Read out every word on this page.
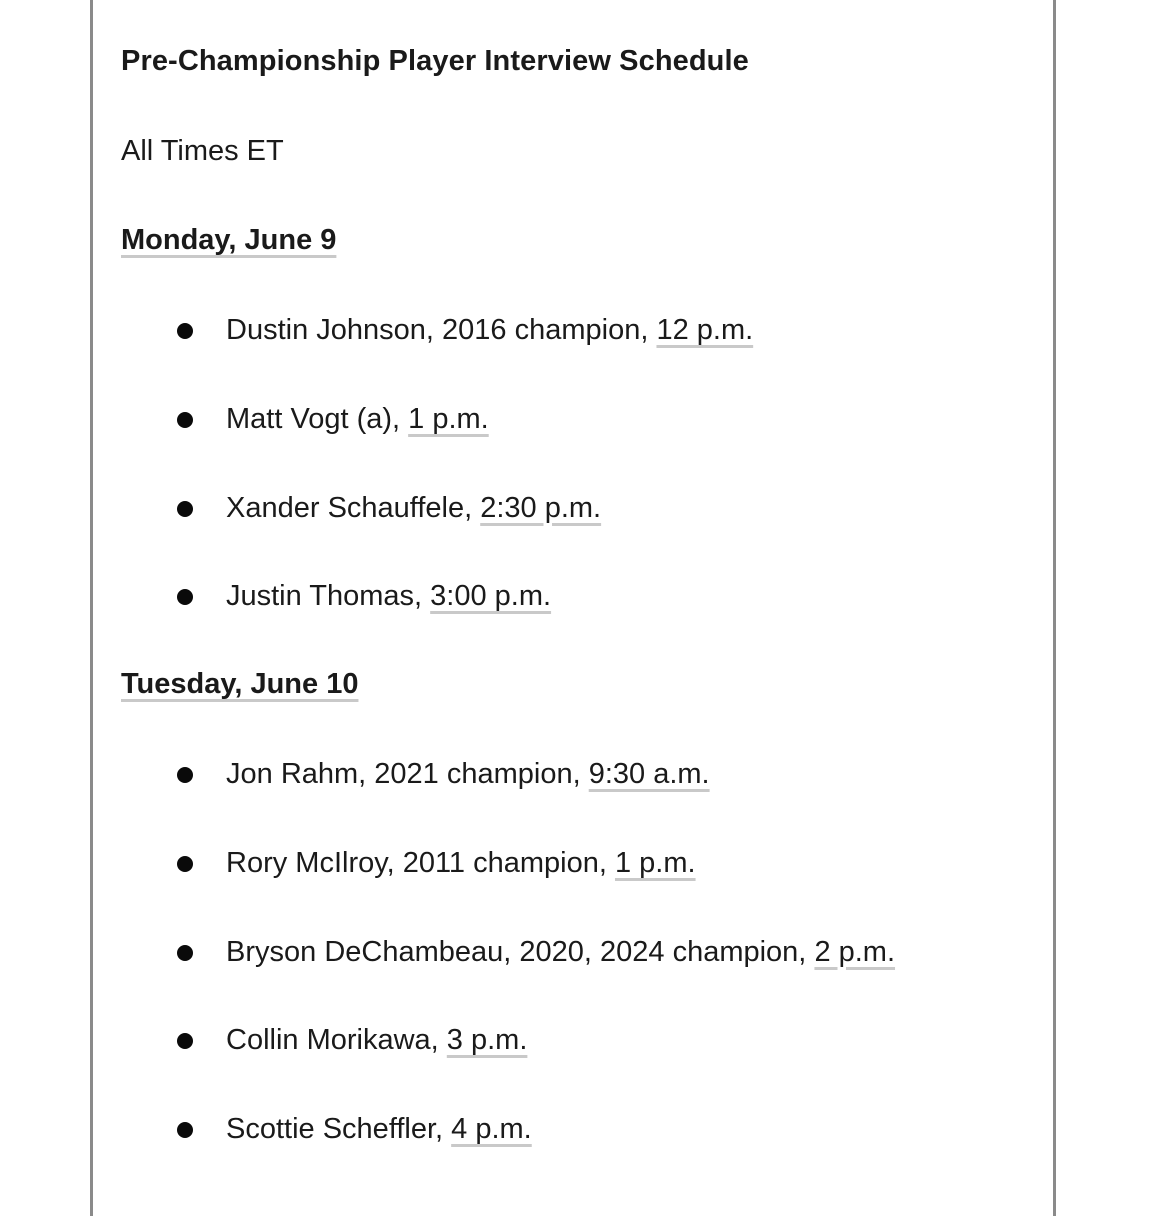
Pre-Championship Player Interview Schedule

All Times ET

Monday, June 9
Dustin Johnson, 2016 champion, 12 p.m.
Matt Vogt (a), 1 p.m.
Xander Schauffele, 2:30 p.m.
Justin Thomas, 3:00 p.m.
Tuesday, June 10
Jon Rahm, 2021 champion, 9:30 a.m.
Rory McIlroy, 2011 champion, 1 p.m.
Bryson DeChambeau, 2020, 2024 champion, 2 p.m.
Collin Morikawa, 3 p.m.
Scottie Scheffler, 4 p.m.
